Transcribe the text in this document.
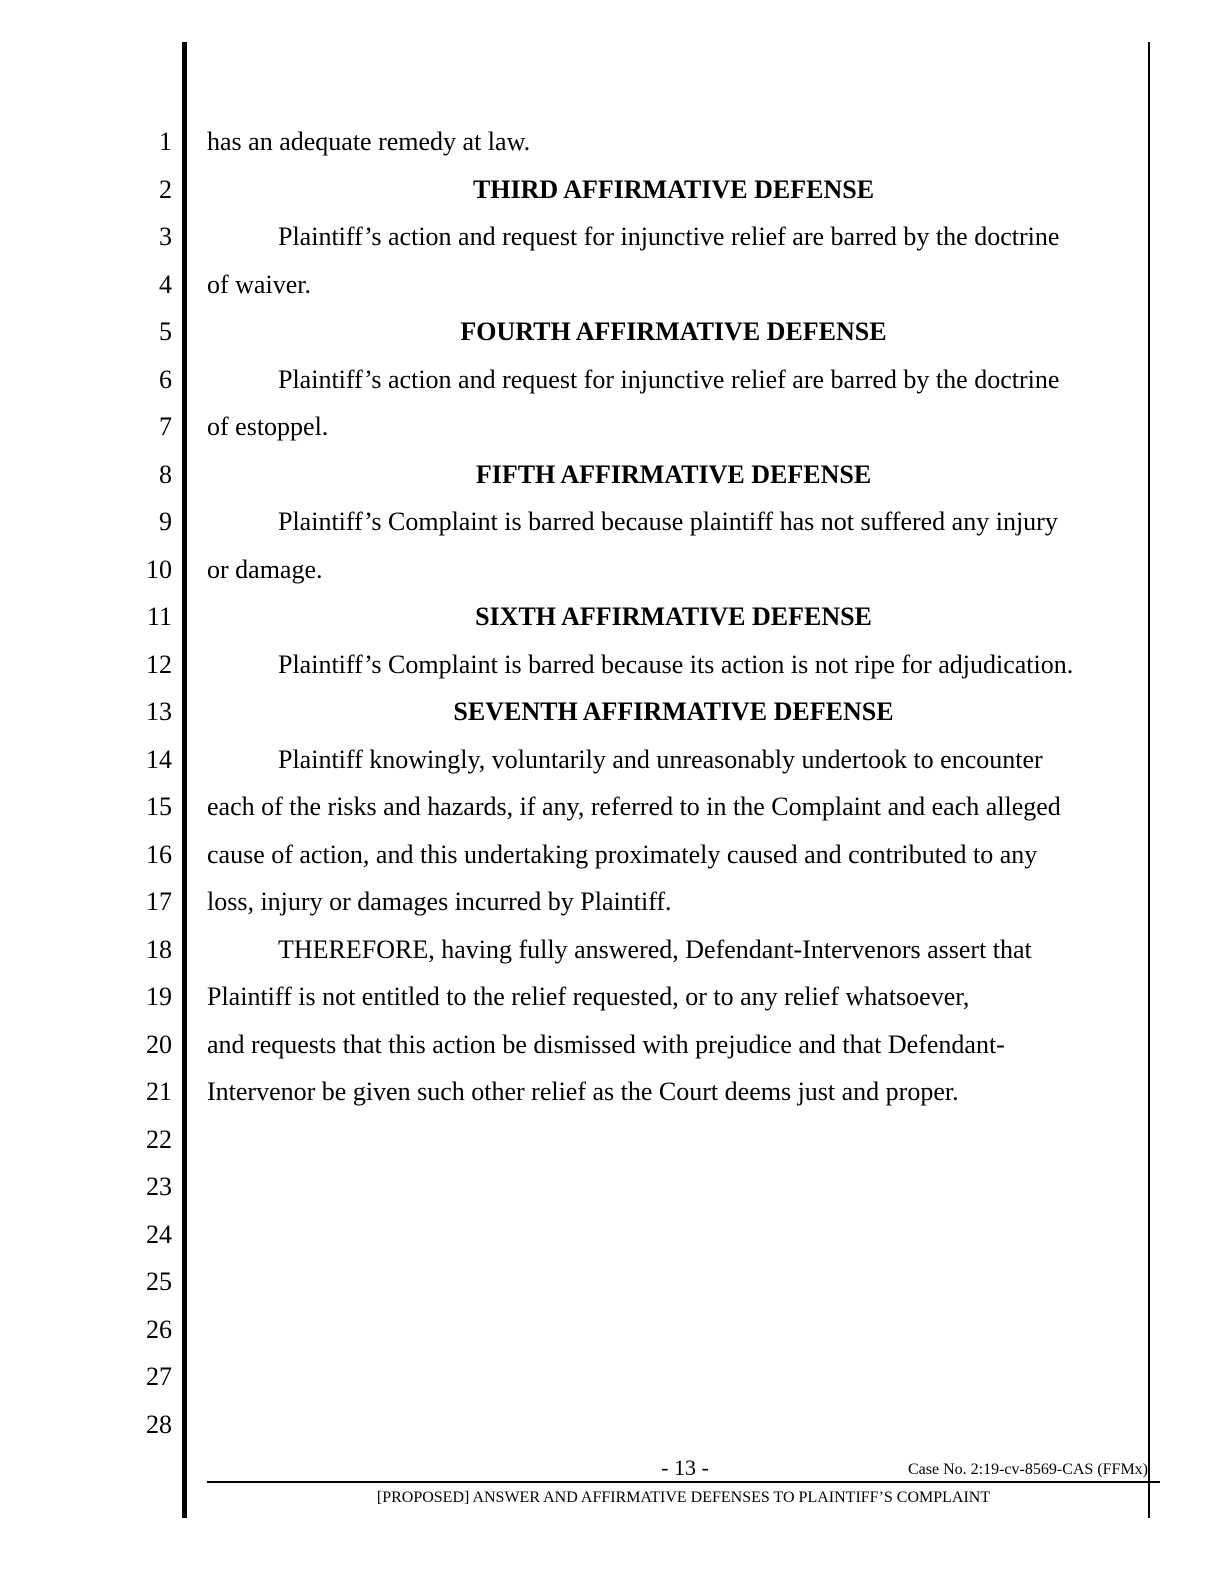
1
2
3
4
5
6
7
8
9
10
11
12
13
14
15
16
17
18
19
20
21
22
23
24
25
26
27
28
has an adequate remedy at law.
THIRD AFFIRMATIVE DEFENSE
Plaintiff’s action and request for injunctive relief are barred by the doctrine
of waiver.
FOURTH AFFIRMATIVE DEFENSE
Plaintiff’s action and request for injunctive relief are barred by the doctrine
of estoppel.
FIFTH AFFIRMATIVE DEFENSE
Plaintiff’s Complaint is barred because plaintiff has not suffered any injury
or damage.
SIXTH AFFIRMATIVE DEFENSE
Plaintiff’s Complaint is barred because its action is not ripe for adjudication.
SEVENTH AFFIRMATIVE DEFENSE
Plaintiff knowingly, voluntarily and unreasonably undertook to encounter
each of the risks and hazards, if any, referred to in the Complaint and each alleged
cause of action, and this undertaking proximately caused and contributed to any
loss, injury or damages incurred by Plaintiff.
THEREFORE, having fully answered, Defendant-Intervenors assert that
Plaintiff is not entitled to the relief requested, or to any relief whatsoever,
and requests that this action be dismissed with prejudice and that Defendant-
Intervenor be given such other relief as the Court deems just and proper.
- 13 -	Case No. 2:19-cv-8569-CAS (FFMx)
[PROPOSED] ANSWER AND AFFIRMATIVE DEFENSES TO PLAINTIFF’S COMPLAINT
